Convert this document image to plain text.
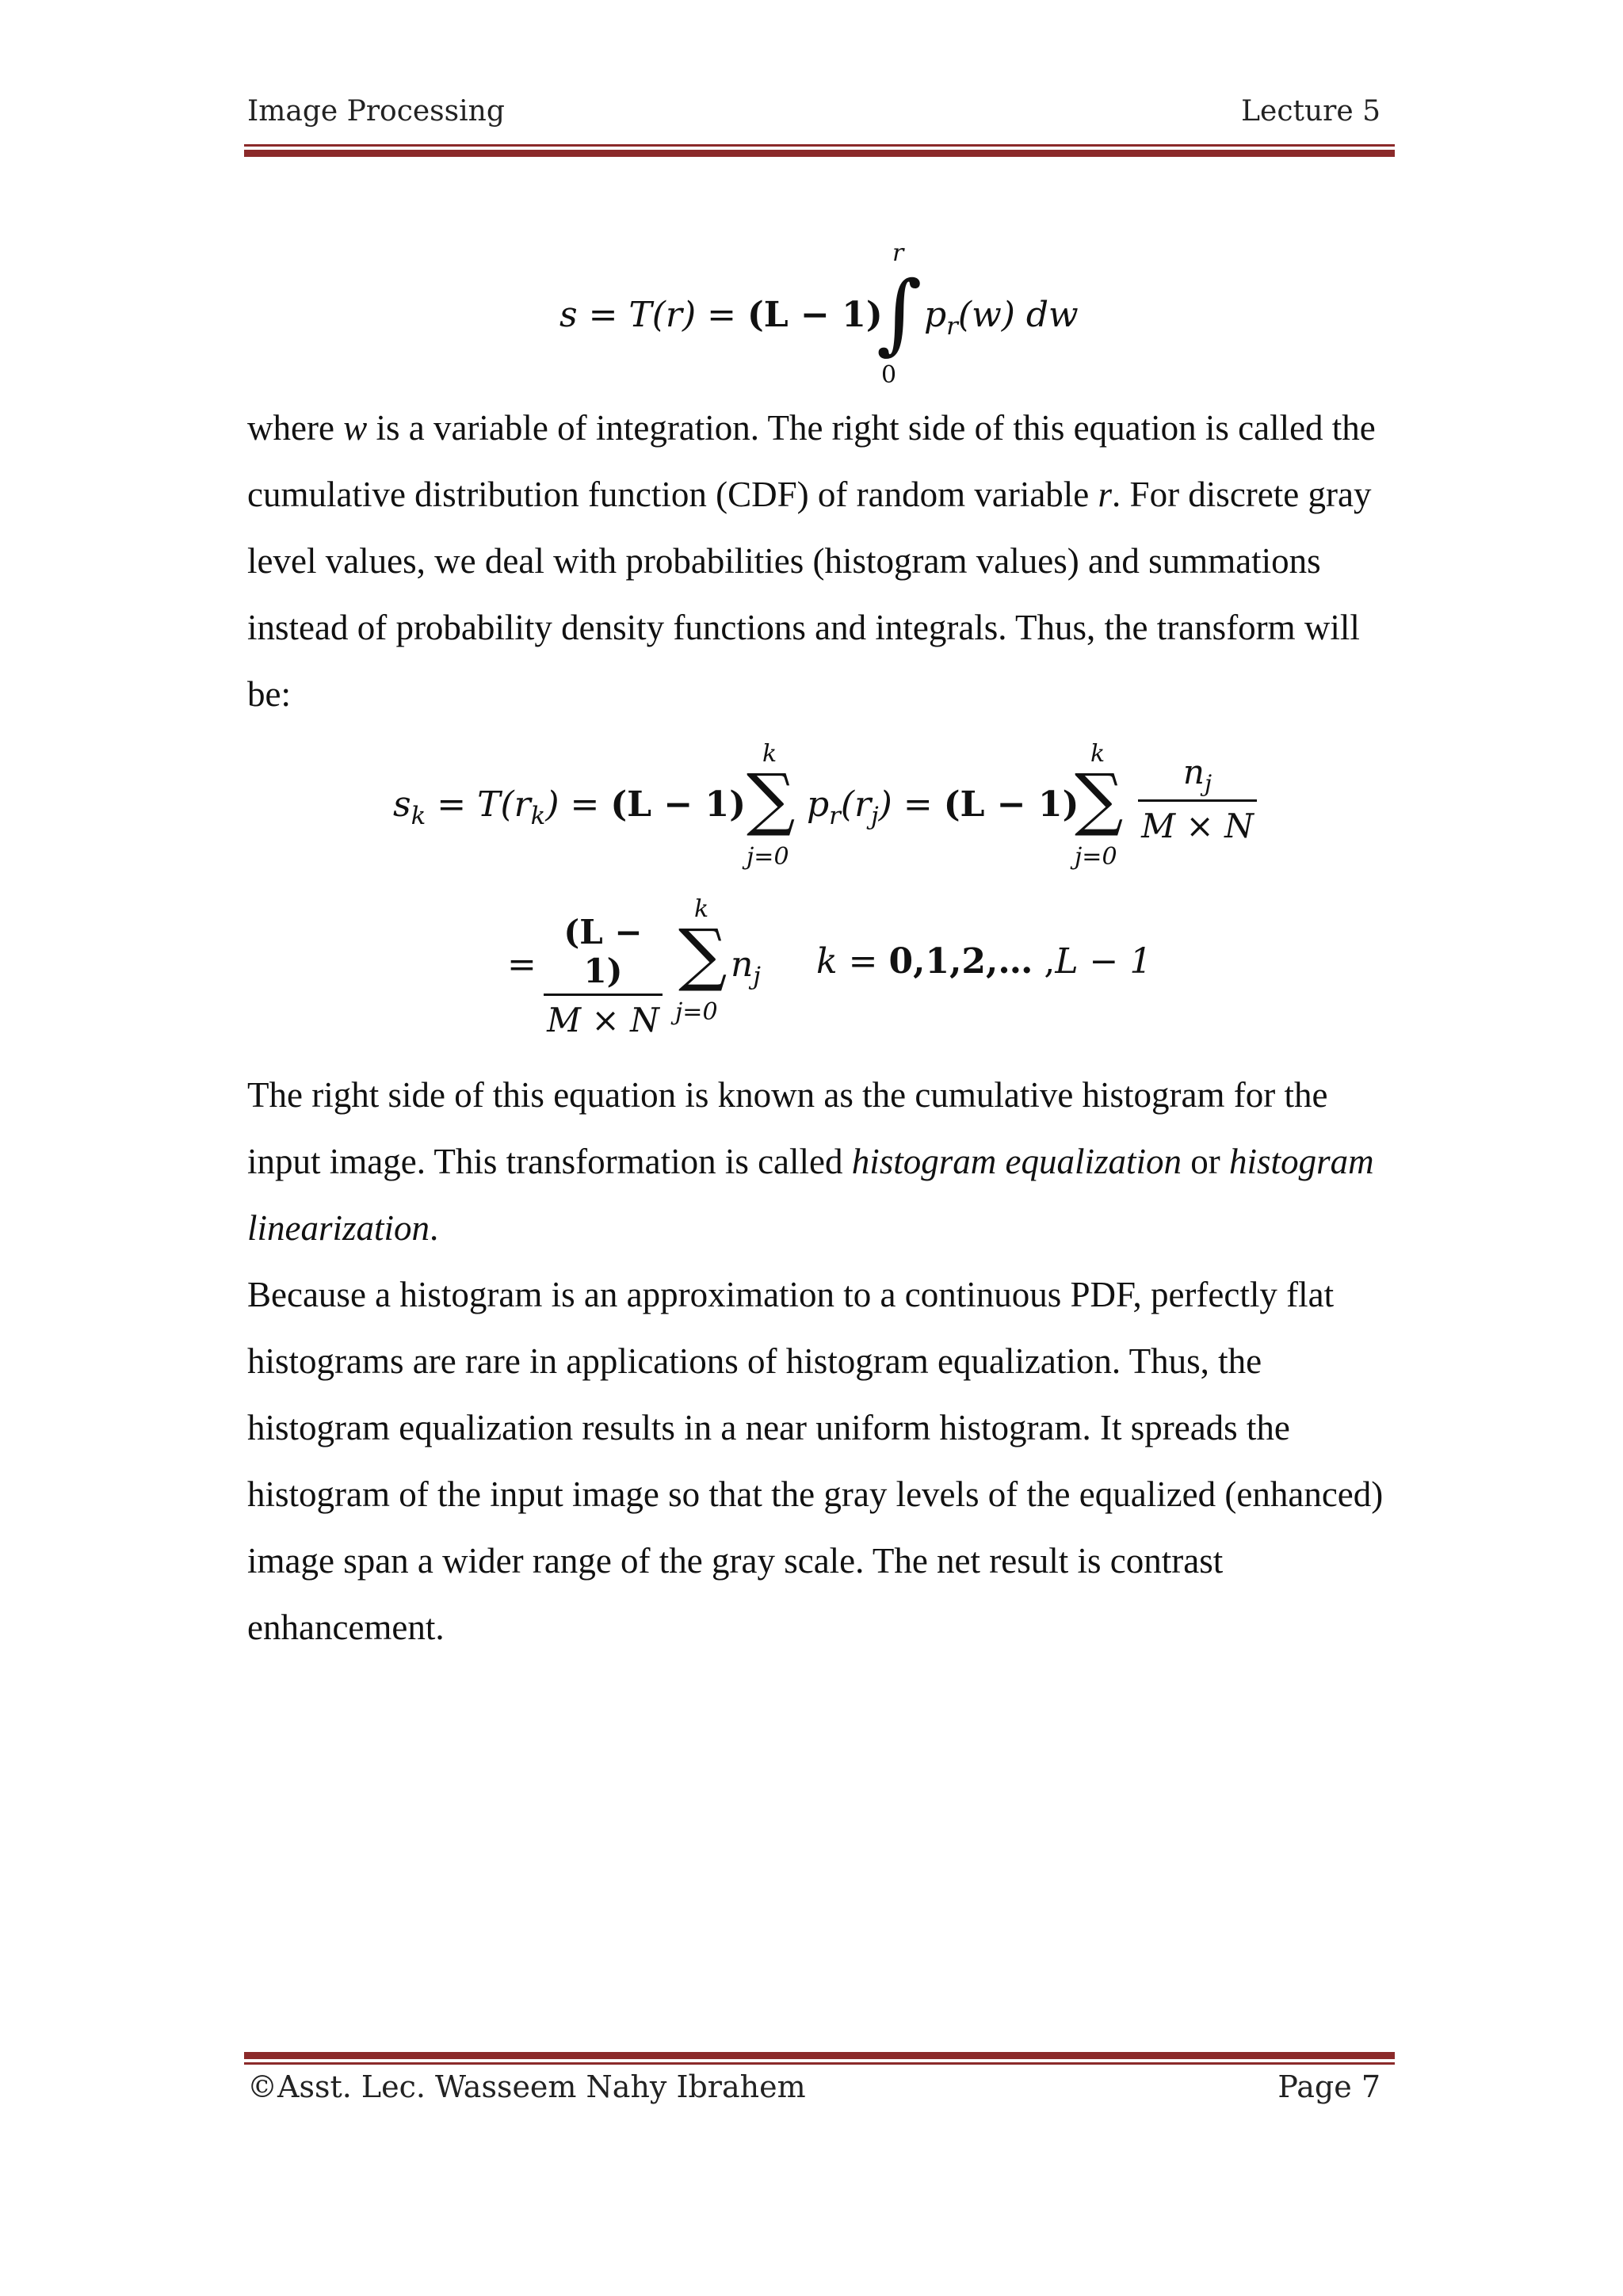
Image Processing	Lecture 5
s = T(r) = (L − 1)
r
∫
0
$p_r(w)$ dw

where w is a variable of integration. The right side of this equation is called the cumulative distribution function (CDF) of random variable r. For discrete gray level values, we deal with probabilities (histogram values) and summations instead of probability density functions and integrals. Thus, the transform will be:

$s_k = T(r_k) = (L - 1)$
k
∑
j=0
$p_r(r_j) = (L - 1)$
k
∑
j=0
$\frac{n_j}{M \times N}$
= $\frac{(L - 1)}{M \times N}$
k
∑
j=0
$n_j$ k = 0,1,2,… ,L − 1

The right side of this equation is known as the cumulative histogram for the input image. This transformation is called histogram equalization or histogram linearization.

Because a histogram is an approximation to a continuous PDF, perfectly flat histograms are rare in applications of histogram equalization. Thus, the histogram equalization results in a near uniform histogram. It spreads the histogram of the input image so that the gray levels of the equalized (enhanced) image span a wider range of the gray scale. The net result is contrast enhancement.

©Asst. Lec. Wasseem Nahy Ibrahem	Page 7
